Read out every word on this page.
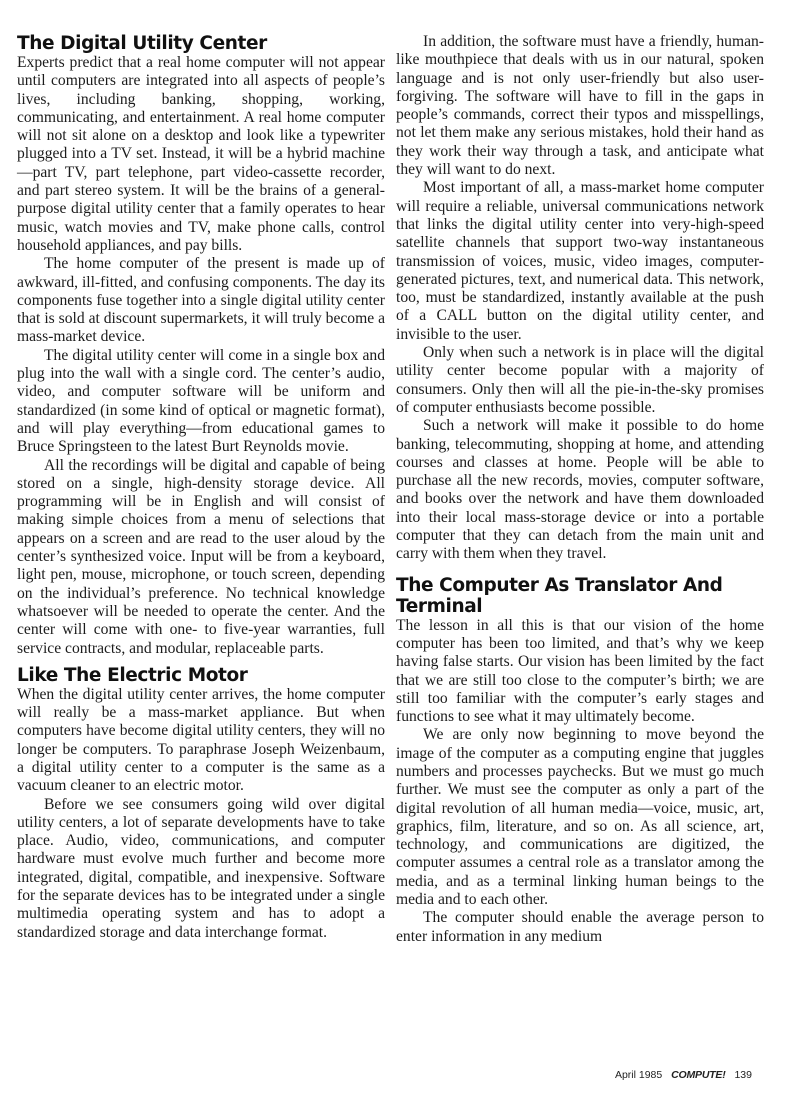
The Digital Utility Center

Experts predict that a real home computer will not appear until computers are integrated into all aspects of people’s lives, including banking, shopping, working, communicating, and entertainment. A real home computer will not sit alone on a desktop and look like a typewriter plugged into a TV set. Instead, it will be a hybrid machine—part TV, part telephone, part video-cassette recorder, and part stereo system. It will be the brains of a general-purpose digital utility center that a family operates to hear music, watch movies and TV, make phone calls, control household appliances, and pay bills.

The home computer of the present is made up of awkward, ill-fitted, and confusing components. The day its components fuse together into a single digital utility center that is sold at discount supermarkets, it will truly become a mass-market device.

The digital utility center will come in a single box and plug into the wall with a single cord. The center’s audio, video, and computer software will be uniform and standardized (in some kind of optical or magnetic format), and will play everything—from educational games to Bruce Springsteen to the latest Burt Reynolds movie.

All the recordings will be digital and capable of being stored on a single, high-density storage device. All programming will be in English and will consist of making simple choices from a menu of selections that appears on a screen and are read to the user aloud by the center’s synthesized voice. Input will be from a keyboard, light pen, mouse, microphone, or touch screen, depending on the individual’s preference. No technical knowledge whatsoever will be needed to operate the center. And the center will come with one- to five-year warranties, full service contracts, and modular, replaceable parts.

Like The Electric Motor

When the digital utility center arrives, the home computer will really be a mass-market appliance. But when computers have become digital utility centers, they will no longer be computers. To paraphrase Joseph Weizenbaum, a digital utility center to a computer is the same as a vacuum cleaner to an electric motor.

Before we see consumers going wild over digital utility centers, a lot of separate developments have to take place. Audio, video, communications, and computer hardware must evolve much further and become more integrated, digital, compatible, and inexpensive. Software for the separate devices has to be integrated under a single multimedia operating system and has to adopt a standardized storage and data interchange format.

In addition, the software must have a friendly, human-like mouthpiece that deals with us in our natural, spoken language and is not only user-friendly but also user-forgiving. The software will have to fill in the gaps in people’s commands, correct their typos and misspellings, not let them make any serious mistakes, hold their hand as they work their way through a task, and anticipate what they will want to do next.

Most important of all, a mass-market home computer will require a reliable, universal communications network that links the digital utility center into very-high-speed satellite channels that support two-way instantaneous transmission of voices, music, video images, computer-generated pictures, text, and numerical data. This network, too, must be standardized, instantly available at the push of a CALL button on the digital utility center, and invisible to the user.

Only when such a network is in place will the digital utility center become popular with a majority of consumers. Only then will all the pie-in-the-sky promises of computer enthusiasts become possible.

Such a network will make it possible to do home banking, telecommuting, shopping at home, and attending courses and classes at home. People will be able to purchase all the new records, movies, computer software, and books over the network and have them downloaded into their local mass-storage device or into a portable computer that they can detach from the main unit and carry with them when they travel.

The Computer As Translator And Terminal

The lesson in all this is that our vision of the home computer has been too limited, and that’s why we keep having false starts. Our vision has been limited by the fact that we are still too close to the computer’s birth; we are still too familiar with the computer’s early stages and functions to see what it may ultimately become.

We are only now beginning to move beyond the image of the computer as a computing engine that juggles numbers and processes paychecks. But we must go much further. We must see the computer as only a part of the digital revolution of all human media—voice, music, art, graphics, film, literature, and so on. As all science, art, technology, and communications are digitized, the computer assumes a central role as a translator among the media, and as a terminal linking human beings to the media and to each other.

The computer should enable the average person to enter information in any medium

April 1985 COMPUTE! 139
